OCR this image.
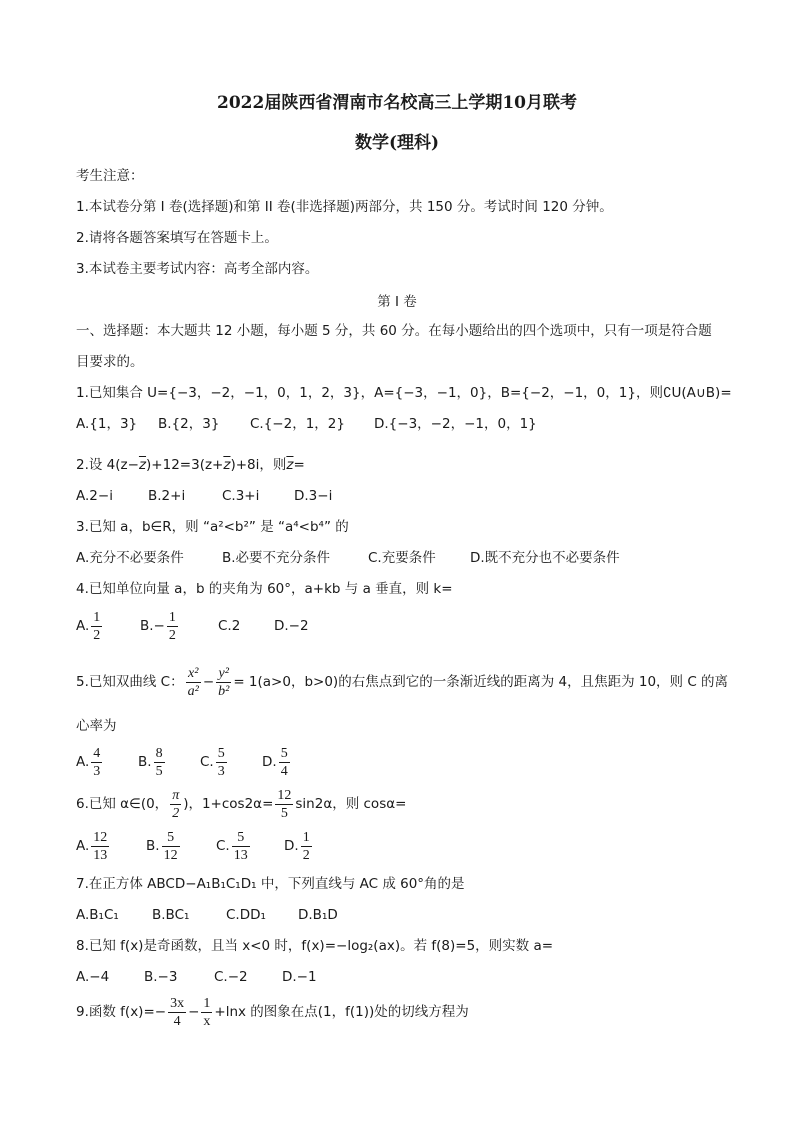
2022届陕西省渭南市名校高三上学期10月联考
数学(理科)
考生注意：
1.本试卷分第 I 卷(选择题)和第 II 卷(非选择题)两部分，共 150 分。考试时间 120 分钟。
2.请将各题答案填写在答题卡上。
3.本试卷主要考试内容：高考全部内容。
第 I 卷
一、选择题：本大题共 12 小题，每小题 5 分，共 60 分。在每小题给出的四个选项中，只有一项是符合题
目要求的。
1.已知集合 U={−3，−2，−1，0，1，2，3}，A={−3，−1，0}，B={−2，−1，0，1}，则∁U(A∪B)=
A.{1，3} B.{2，3} C.{−2，1，2} D.{−3，−2，−1，0，1}
2.设 $4(z-\overline{z})+12=3(z+\overline{z})+8i$，则$\overline{z}=$
A.2−i	B.2+i	C.3+i	D.3−i
3.已知 a，b∈R，则 “a²<b²” 是 “a⁴<b⁴” 的
A.充分不必要条件	B.必要不充分条件	C.充要条件	D.既不充分也不必要条件
4.已知单位向量 a，b 的夹角为 60°，a+kb 与 a 垂直，则 k=
A. $\frac{1}{2}$	$B.- \frac{1}{2}$	C.2 D.−2
5.已知双曲线 C： $\frac{\text{x²}}{\text{a²}} - \frac{\text{y²}}{\text{b²}} = 1(a>0$，b>0)的右焦点到它的一条渐近线的距离为 4，且焦距为 10，则 C 的离
心率为
A. $\frac{4}{3}$	B. $\frac{8}{5}$	C. $\frac{5}{3}$	D. $\frac{5}{4}$
6.已知 α∈(0， $\frac{\pi}{2}$ )，$1+\cos 2\alpha= \frac{12}{5} \sin 2\alpha$，则 cosα=
A. $\frac{12}{13}$	B. $\frac{5}{12}$	C. $\frac{5}{13}$	D. $\frac{1}{2}$
7.在正方体 ABCD−A₁B₁C₁D₁ 中，下列直线与 AC 成 60°角的是
A.B₁C₁ B.BC₁	C.DD₁ D.B₁D
8.已知 f(x)是奇函数，且当 x<0 时，f(x)=−log₂(ax)。若 f(8)=5，则实数 a=
A.−4	B.−3	C.−2	D.−1
9.函数 $f(x)=- \frac{3x}{4} - \frac{1}{x} +\ln x$ 的图象在点(1，f(1))处的切线方程为
